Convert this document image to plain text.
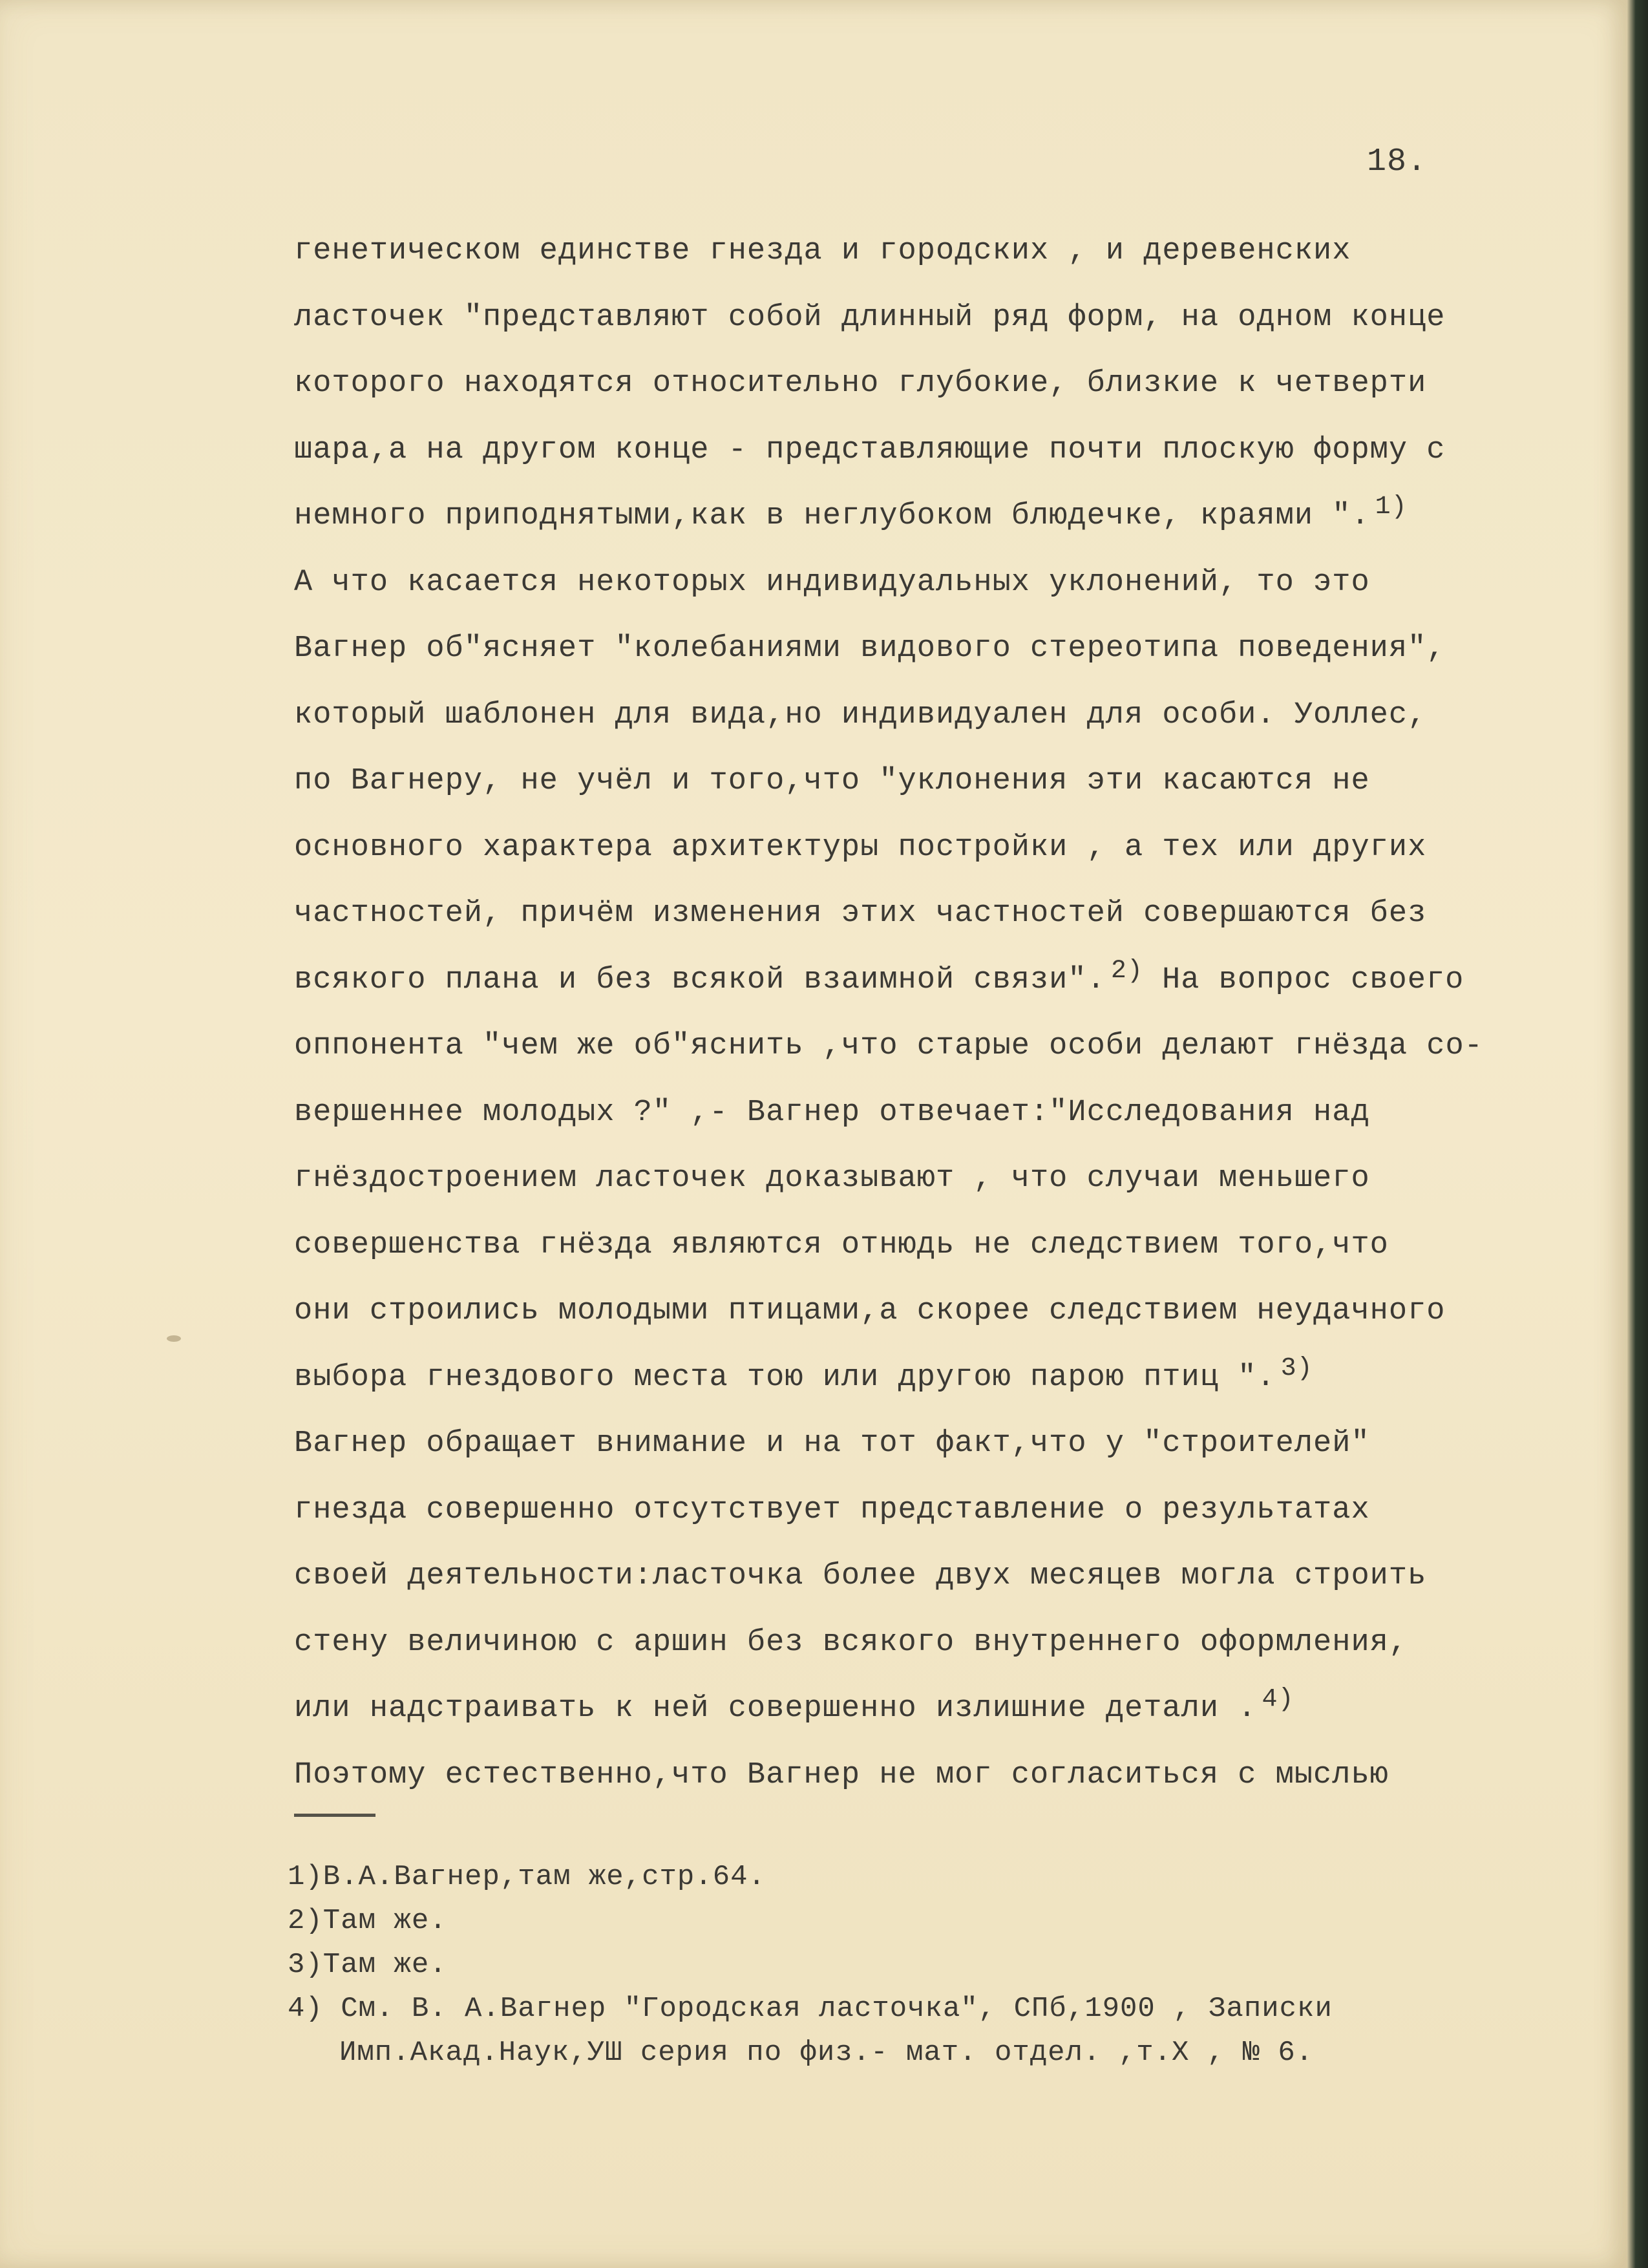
18.

генетическом единстве гнезда и городских , и деревенских
ласточек "представляют собой длинный ряд форм, на одном конце
которого находятся относительно глубокие, близкие к четверти
шара,а на другом конце - представляющие почти плоскую форму с
немного приподнятыми,как в неглубоком блюдечке, краями ". 1)
А что касается некоторых индивидуальных уклонений, то это
Вагнер об"ясняет "колебаниями видового стереотипа поведения",
который шаблонен для вида,но индивидуален для особи. Уоллес,
по Вагнеру, не учёл и того,что "уклонения эти касаются не
основного характера архитектуры постройки , а тех или других
частностей, причём изменения этих частностей совершаются без
всякого плана и без всякой взаимной связи". 2) На вопрос своего
оппонента "чем же об"яснить ,что старые особи делают гнёзда со-
вершеннее молодых ?" ,- Вагнер отвечает:"Исследования над
гнёздостроением ласточек доказывают , что случаи меньшего
совершенства гнёзда являются отнюдь не следствием того,что
они строились молодыми птицами,а скорее следствием неудачного
выбора гнездового места тою или другою парою птиц ". 3)
Вагнер обращает внимание и на тот факт,что у "строителей"
гнезда совершенно отсутствует представление о результатах
своей деятельности:ласточка более двух месяцев могла строить
стену величиною с аршин без всякого внутреннего оформления,
или надстраивать к ней совершенно излишние детали . 4)
Поэтому естественно,что Вагнер не мог согласиться с мыслью
1)В.А.Вагнер,там же,стр.64.
2)Там же.
3)Там же.
4) См. В. А.Вагнер "Городская ласточка", СПб,1900 , Записки
Имп.Акад.Наук,УШ серия по физ.- мат. отдел. ,т.Х , № 6.
